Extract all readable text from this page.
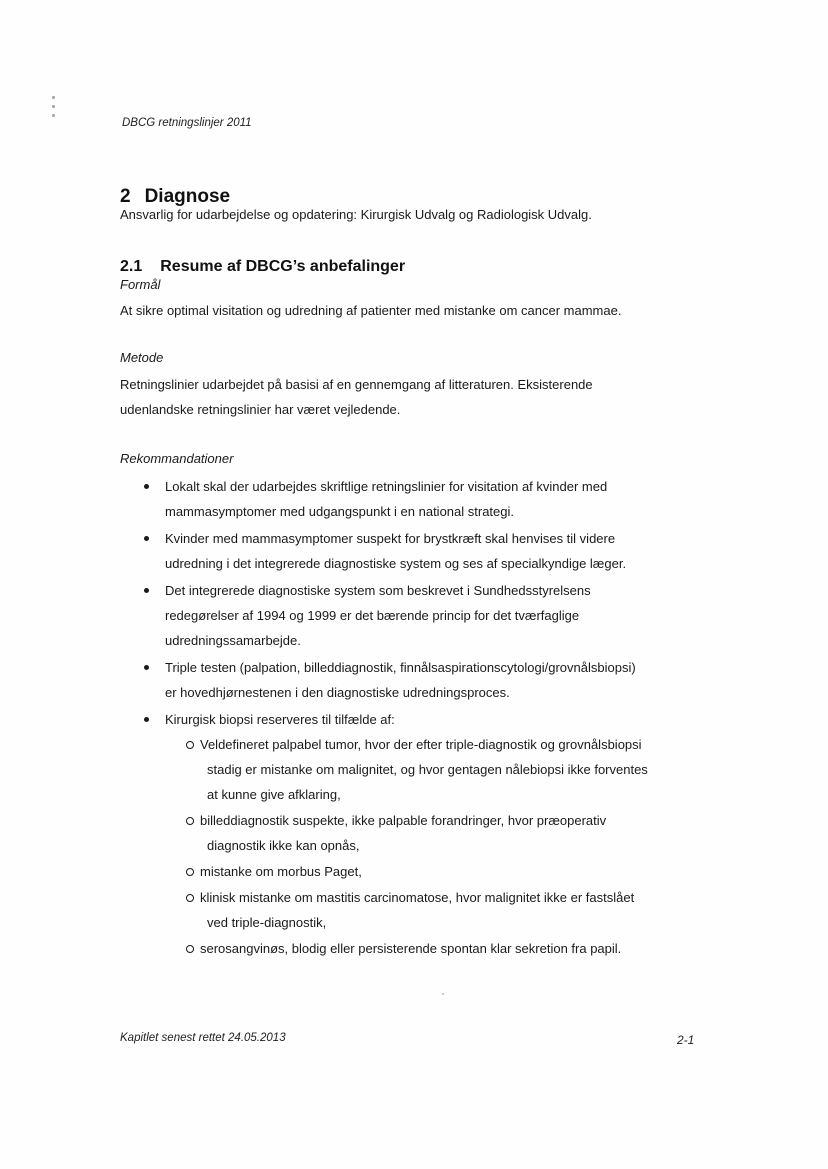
DBCG retningslinjer 2011
2 Diagnose
Ansvarlig for udarbejdelse og opdatering: Kirurgisk Udvalg og Radiologisk Udvalg.
2.1 Resume af DBCG’s anbefalinger
Formål
At sikre optimal visitation og udredning af patienter med mistanke om cancer mammae.
Metode
Retningslinier udarbejdet på basisi af en gennemgang af litteraturen. Eksisterende
udenlandske retningslinier har været vejledende.
Rekommandationer
Lokalt skal der udarbejdes skriftlige retningslinier for visitation af kvinder med
mammasymptomer med udgangspunkt i en national strategi.
Kvinder med mammasymptomer suspekt for brystkræft skal henvises til videre
udredning i det integrerede diagnostiske system og ses af specialkyndige læger.
Det integrerede diagnostiske system som beskrevet i Sundhedsstyrelsens
redegørelser af 1994 og 1999 er det bærende princip for det tværfaglige
udredningssamarbejde.
Triple testen (palpation, billeddiagnostik, finnålsaspirationscytologi/grovnålsbiopsi)
er hovedhjørnestenen i den diagnostiske udredningsproces.
Kirurgisk biopsi reserveres til tilfælde af:
Veldefineret palpabel tumor, hvor der efter triple-diagnostik og grovnålsbiopsi
stadig er mistanke om malignitet, og hvor gentagen nålebiopsi ikke forventes
at kunne give afklaring,
billeddiagnostik suspekte, ikke palpable forandringer, hvor præoperativ
diagnostik ikke kan opnås,
mistanke om morbus Paget,
klinisk mistanke om mastitis carcinomatose, hvor malignitet ikke er fastslået
ved triple-diagnostik,
serosangvinøs, blodig eller persisterende spontan klar sekretion fra papil.
Kapitlet senest rettet 24.05.2013	2-1
